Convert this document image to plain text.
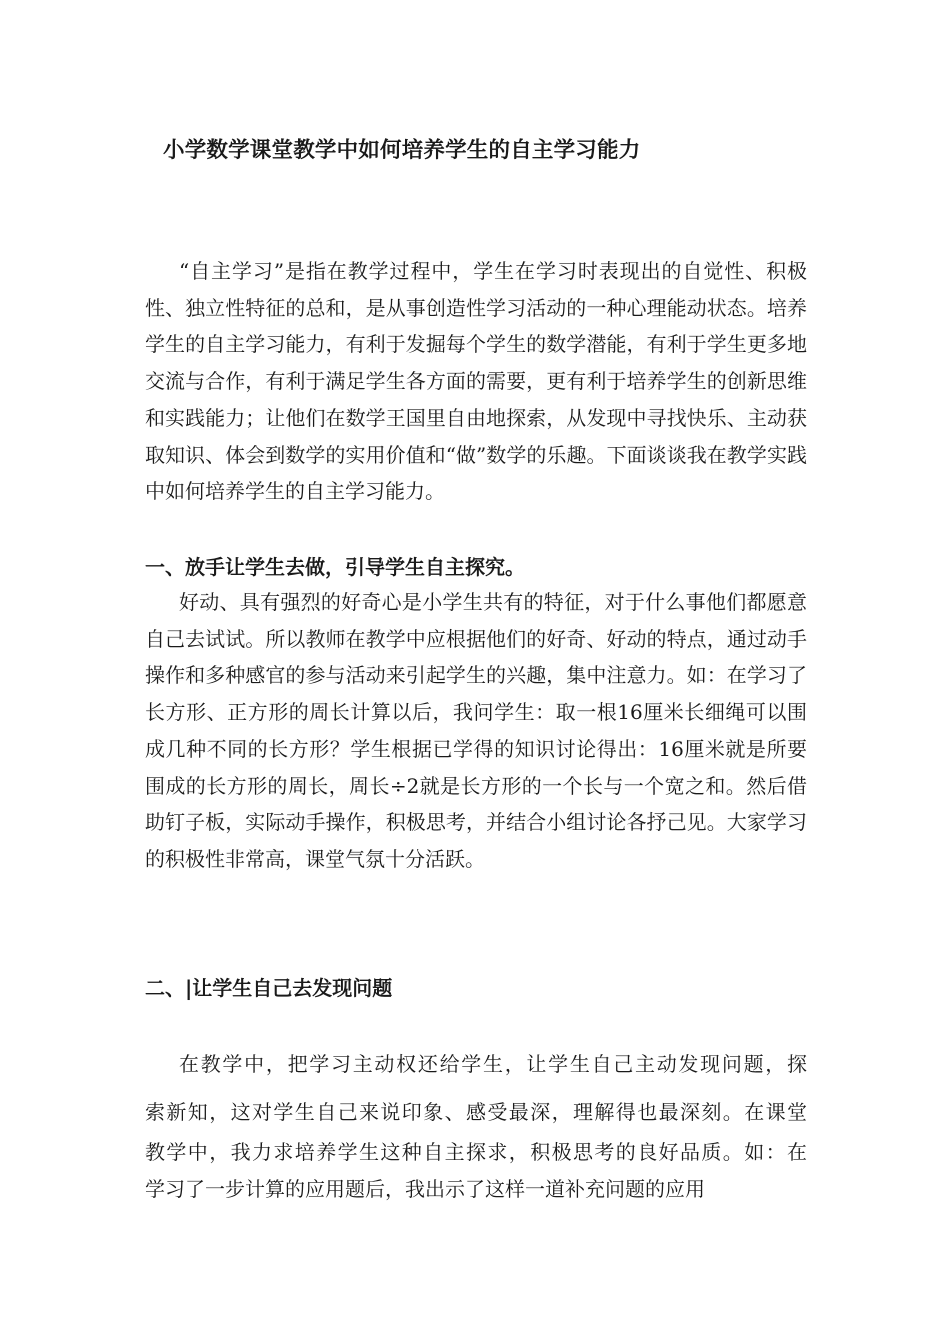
小学数学课堂教学中如何培养学生的自主学习能力
“自主学习”是指在教学过程中，学生在学习时表现出的自觉性、积极性、独立性特征的总和，是从事创造性学习活动的一种心理能动状态。培养学生的自主学习能力，有利于发掘每个学生的数学潜能，有利于学生更多地交流与合作，有利于满足学生各方面的需要，更有利于培养学生的创新思维和实践能力；让他们在数学王国里自由地探索，从发现中寻找快乐、主动获取知识、体会到数学的实用价值和“做”数学的乐趣。下面谈谈我在教学实践中如何培养学生的自主学习能力。
一、放手让学生去做，引导学生自主探究。
好动、具有强烈的好奇心是小学生共有的特征，对于什么事他们都愿意自己去试试。所以教师在教学中应根据他们的好奇、好动的特点，通过动手操作和多种感官的参与活动来引起学生的兴趣，集中注意力。如：在学习了长方形、正方形的周长计算以后，我问学生：取一根16厘米长细绳可以围成几种不同的长方形？学生根据已学得的知识讨论得出：16厘米就是所要围成的长方形的周长，周长÷2就是长方形的一个长与一个宽之和。然后借助钉子板，实际动手操作，积极思考，并结合小组讨论各抒己见。大家学习的积极性非常高，课堂气氛十分活跃。
二、|让学生自己去发现问题
在教学中，把学习主动权还给学生，让学生自己主动发现问题，探
索新知，这对学生自己来说印象、感受最深，理解得也最深刻。在课堂
教学中，我力求培养学生这种自主探求，积极思考的良好品质。如：在
学习了一步计算的应用题后，我出示了这样一道补充问题的应用
